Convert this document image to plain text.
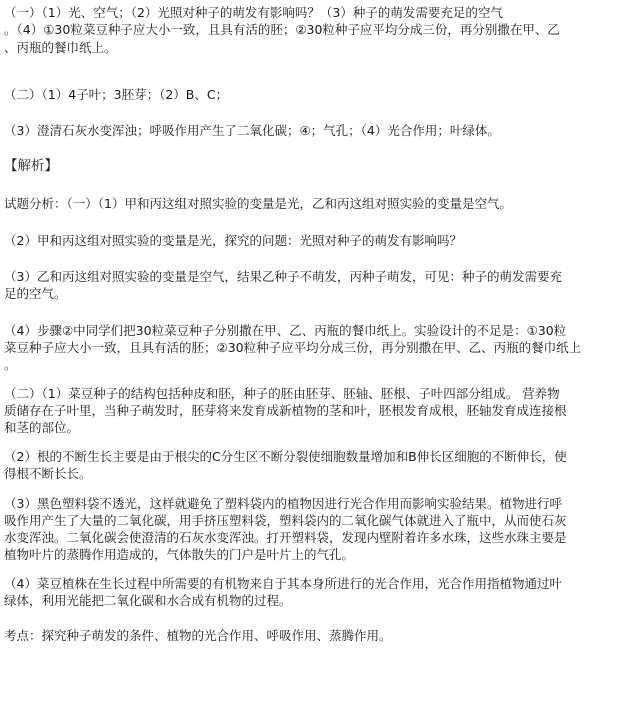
（一）（1）光、空气；（2）光照对种子的萌发有影响吗？（3）种子的萌发需要充足的空气
。（4）①30粒菜豆种子应大小一致，且具有活的胚；②30粒种子应平均分成三份，再分别撒在甲、乙
、丙瓶的餐巾纸上。
（二）（1）4子叶；3胚芽；（2）B、C；
（3）澄清石灰水变浑浊；呼吸作用产生了二氧化碳；④；气孔；（4）光合作用；叶绿体。
【解析】
试题分析：（一）（1）甲和丙这组对照实验的变量是光，乙和丙这组对照实验的变量是空气。
（2）甲和丙这组对照实验的变量是光，探究的问题：光照对种子的萌发有影响吗？
（3）乙和丙这组对照实验的变量是空气，结果乙种子不萌发，丙种子萌发，可见：种子的萌发需要充
足的空气。
（4）步骤②中同学们把30粒菜豆种子分别撒在甲、乙、丙瓶的餐巾纸上。实验设计的不足是：①30粒
菜豆种子应大小一致，且具有活的胚；②30粒种子应平均分成三份，再分别撒在甲、乙、丙瓶的餐巾纸上
。
（二）（1）菜豆种子的结构包括种皮和胚，种子的胚由胚芽、胚轴、胚根、子叶四部分组成。 营养物
质储存在子叶里，当种子萌发时，胚芽将来发育成新植物的茎和叶，胚根发育成根，胚轴发育成连接根
和茎的部位。
（2）根的不断生长主要是由于根尖的C分生区不断分裂使细胞数量增加和B伸长区细胞的不断伸长，使
得根不断长长。
（3）黑色塑料袋不透光，这样就避免了塑料袋内的植物因进行光合作用而影响实验结果。植物进行呼
吸作用产生了大量的二氧化碳，用手挤压塑料袋，塑料袋内的二氧化碳气体就进入了瓶中，从而使石灰
水变浑浊。二氧化碳会使澄清的石灰水变浑浊。打开塑料袋，发现内壁附着许多水珠，这些水珠主要是
植物叶片的蒸腾作用造成的，气体散失的门户是叶片上的气孔。
（4）菜豆植株在生长过程中所需要的有机物来自于其本身所进行的光合作用，光合作用指植物通过叶
绿体，利用光能把二氧化碳和水合成有机物的过程。
考点：探究种子萌发的条件、植物的光合作用、呼吸作用、蒸腾作用。
